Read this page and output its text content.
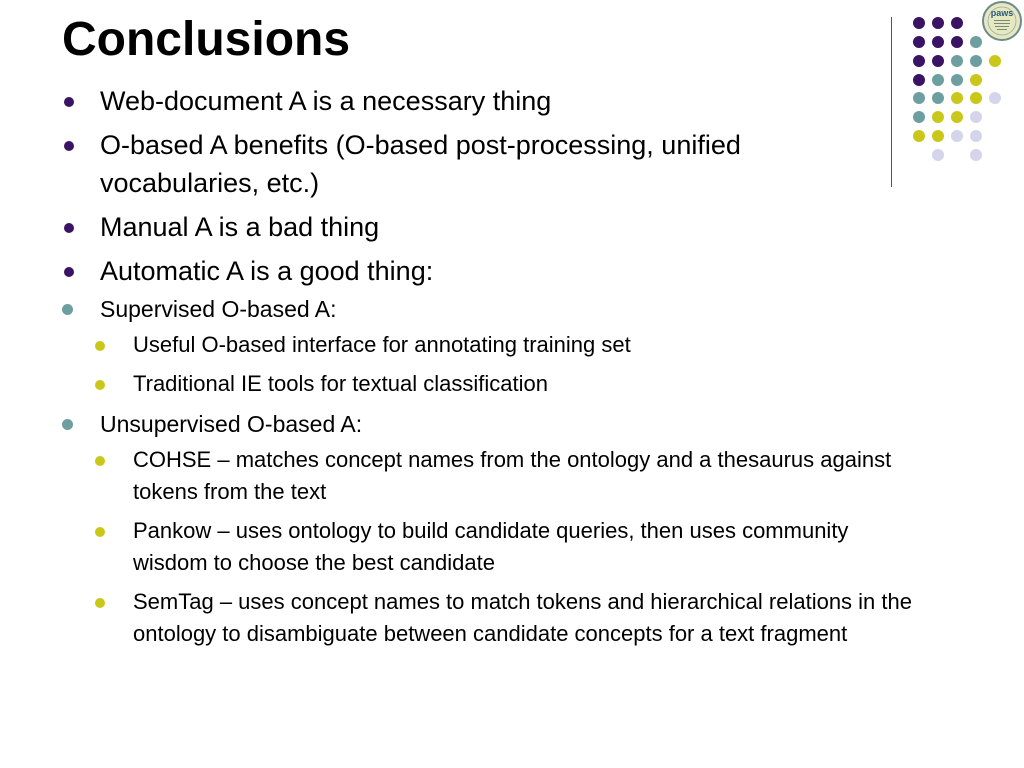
Conclusions	paws
Web-document A is a necessary thing
O-based A benefits (O-based post-processing, unified vocabularies, etc.)
Manual A is a bad thing
Automatic A is a good thing:
Supervised O-based A:
Useful O-based interface for annotating training set
Traditional IE tools for textual classification
Unsupervised O-based A:
COHSE – matches concept names from the ontology and a thesaurus against tokens from the text
Pankow – uses ontology to build candidate queries, then uses community wisdom to choose the best candidate
SemTag – uses concept names to match tokens and hierarchical relations in the ontology to disambiguate between candidate concepts for a text fragment
